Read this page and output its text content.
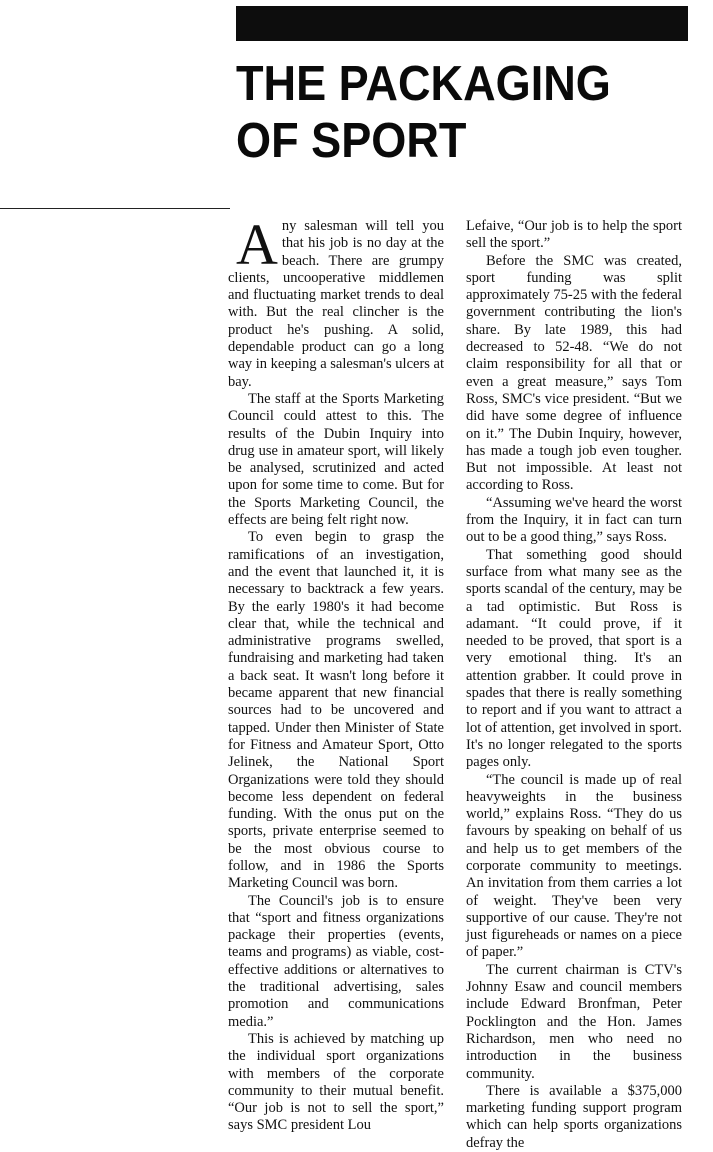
THE PACKAGING OF SPORT

Any salesman will tell you that his job is no day at the beach. There are grumpy clients, uncooperative middlemen and fluctuating market trends to deal with. But the real clincher is the product he's pushing. A solid, dependable product can go a long way in keeping a salesman's ulcers at bay.

The staff at the Sports Marketing Council could attest to this. The results of the Dubin Inquiry into drug use in amateur sport, will likely be analysed, scrutinized and acted upon for some time to come. But for the Sports Marketing Council, the effects are being felt right now.

To even begin to grasp the ramifications of an investigation, and the event that launched it, it is necessary to backtrack a few years. By the early 1980's it had become clear that, while the technical and administrative programs swelled, fundraising and marketing had taken a back seat. It wasn't long before it became apparent that new financial sources had to be uncovered and tapped. Under then Minister of State for Fitness and Amateur Sport, Otto Jelinek, the National Sport Organizations were told they should become less dependent on federal funding. With the onus put on the sports, private enterprise seemed to be the most obvious course to follow, and in 1986 the Sports Marketing Council was born.

The Council's job is to ensure that “sport and fitness organizations package their properties (events, teams and programs) as viable, cost-effective additions or alternatives to the traditional advertising, sales promotion and communications media.”

This is achieved by matching up the individual sport organizations with members of the corporate community to their mutual benefit. “Our job is not to sell the sport,” says SMC president Lou

Lefaive, “Our job is to help the sport sell the sport.”

Before the SMC was created, sport funding was split approximately 75-25 with the federal government contributing the lion's share. By late 1989, this had decreased to 52-48. “We do not claim responsibility for all that or even a great measure,” says Tom Ross, SMC's vice president. “But we did have some degree of influence on it.” The Dubin Inquiry, however, has made a tough job even tougher. But not impossible. At least not according to Ross.

“Assuming we've heard the worst from the Inquiry, it in fact can turn out to be a good thing,” says Ross.

That something good should surface from what many see as the sports scandal of the century, may be a tad optimistic. But Ross is adamant. “It could prove, if it needed to be proved, that sport is a very emotional thing. It's an attention grabber. It could prove in spades that there is really something to report and if you want to attract a lot of attention, get involved in sport. It's no longer relegated to the sports pages only.

“The council is made up of real heavyweights in the business world,” explains Ross. “They do us favours by speaking on behalf of us and help us to get members of the corporate community to meetings. An invitation from them carries a lot of weight. They've been very supportive of our cause. They're not just figureheads or names on a piece of paper.”

The current chairman is CTV's Johnny Esaw and council members include Edward Bronfman, Peter Pocklington and the Hon. James Richardson, men who need no introduction in the business community.

There is available a $375,000 marketing funding support program which can help sports organizations defray the
